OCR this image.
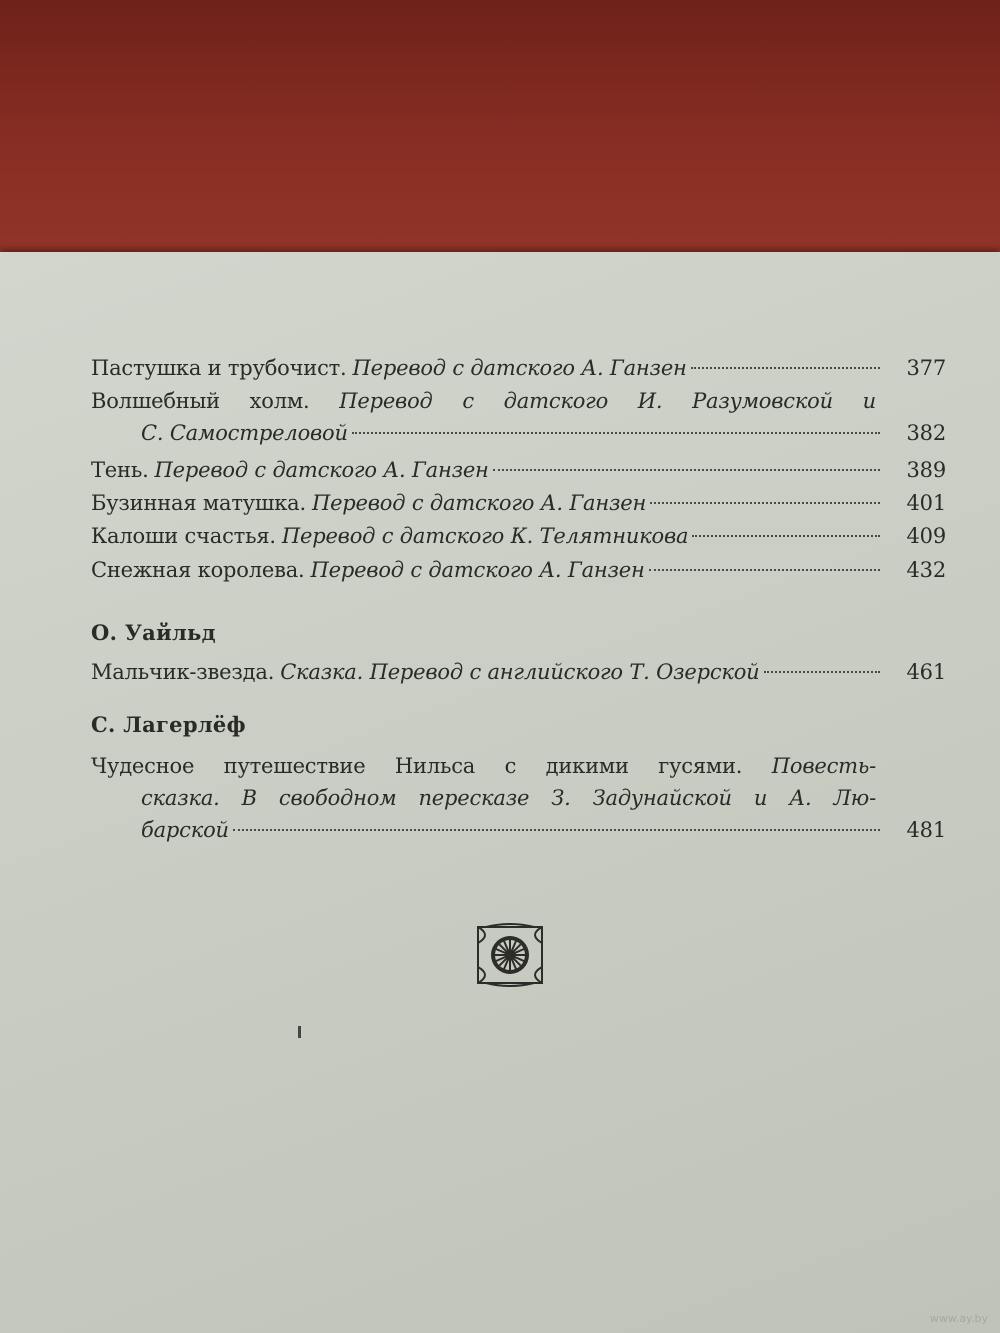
Пастушка и трубочист. Перевод с датского А. Ганзен	377
Волшебный холм. Перевод с датского И. Разумовской и
С. Самостреловой	382
Тень. Перевод с датского А. Ганзен	389
Бузинная матушка. Перевод с датского А. Ганзен	401
Калоши счастья. Перевод с датского К. Телятникова	409
Снежная королева. Перевод с датского А. Ганзен	432
О. Уайльд
Мальчик-звезда. Сказка. Перевод с английского Т. Озерской	461
С. Лагерлёф
Чудесное путешествие Нильса с дикими гусями. Повесть-
сказка. В свободном пересказе З. Задунайской и А. Лю-
барской	481
www.ay.by
